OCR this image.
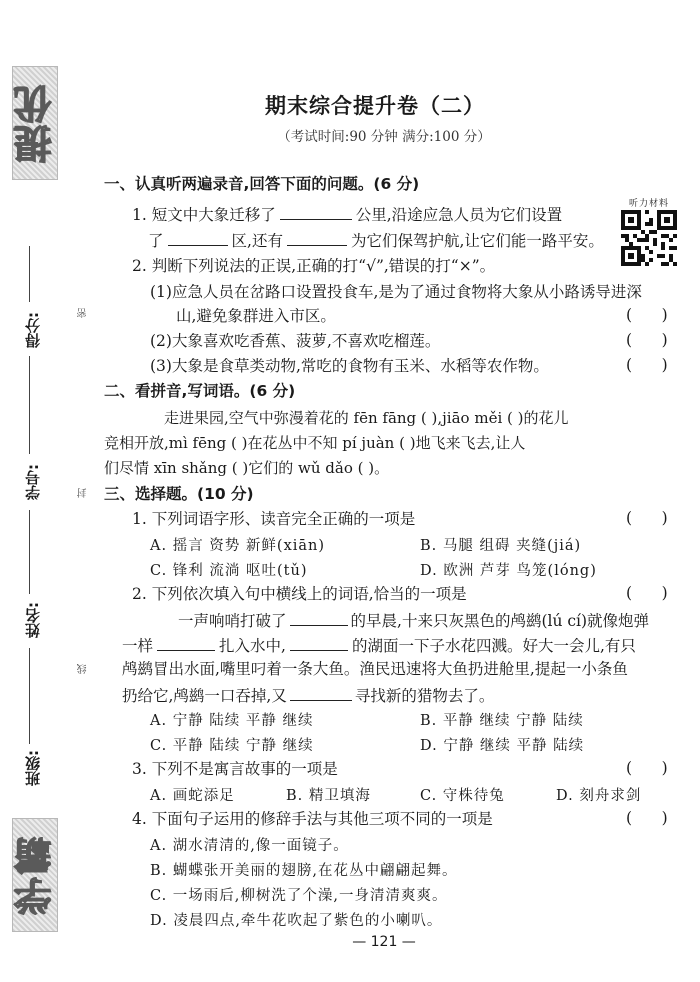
提优
得分:
学号:
姓名:
班级:
学霸
密
封
线
期末综合提升卷（二）
（考试时间:90 分钟 满分:100 分）
听力材料
一、认真听两遍录音,回答下面的问题。(6 分)
1. 短文中大象迁移了	公里,沿途应急人员为它们设置
了	区,还有	为它们保驾护航,让它们能一路平安。
2. 判断下列说法的正误,正确的打“√”,错误的打“×”。
(1)应急人员在岔路口设置投食车,是为了通过食物将大象从小路诱导进深
山,避免象群进入市区。	(      )
(2)大象喜欢吃香蕉、菠萝,不喜欢吃榴莲。	(      )
(3)大象是食草类动物,常吃的食物有玉米、水稻等农作物。	(      )
二、看拼音,写词语。(6 分)
走进果园,空气中弥漫着花的 fēn fāng ( ),jiāo měi ( )的花儿
竞相开放,mì fēng ( )在花丛中不知 pí juàn ( )地飞来飞去,让人
们尽情 xīn shǎng ( )它们的 wǔ dǎo ( )。
三、选择题。(10 分)
1. 下列词语字形、读音完全正确的一项是	(      )
A. 摇言 资势 新鲜(xiān)	B. 马腿 组碍 夹缝(jiá)
C. 锋利 流淌 呕吐(tǔ)	D. 欧洲 芦芽 鸟笼(lóng)
2. 下列依次填入句中横线上的词语,恰当的一项是	(      )
一声响哨打破了	的早晨,十来只灰黑色的鸬鹚(lú cí)就像炮弹
一样	扎入水中,	的湖面一下子水花四溅。好大一会儿,有只
鸬鹚冒出水面,嘴里叼着一条大鱼。渔民迅速将大鱼扔进舱里,提起一小条鱼
扔给它,鸬鹚一口吞掉,又	寻找新的猎物去了。
A. 宁静 陆续 平静 继续	B. 平静 继续 宁静 陆续
C. 平静 陆续 宁静 继续	D. 宁静 继续 平静 陆续
3. 下列不是寓言故事的一项是	(      )
A. 画蛇添足	B. 精卫填海	C. 守株待兔	D. 刻舟求剑
4. 下面句子运用的修辞手法与其他三项不同的一项是	(      )
A. 湖水清清的,像一面镜子。
B. 蝴蝶张开美丽的翅膀,在花丛中翩翩起舞。
C. 一场雨后,柳树洗了个澡,一身清清爽爽。
D. 凌晨四点,牵牛花吹起了紫色的小喇叭。
— 121 —
